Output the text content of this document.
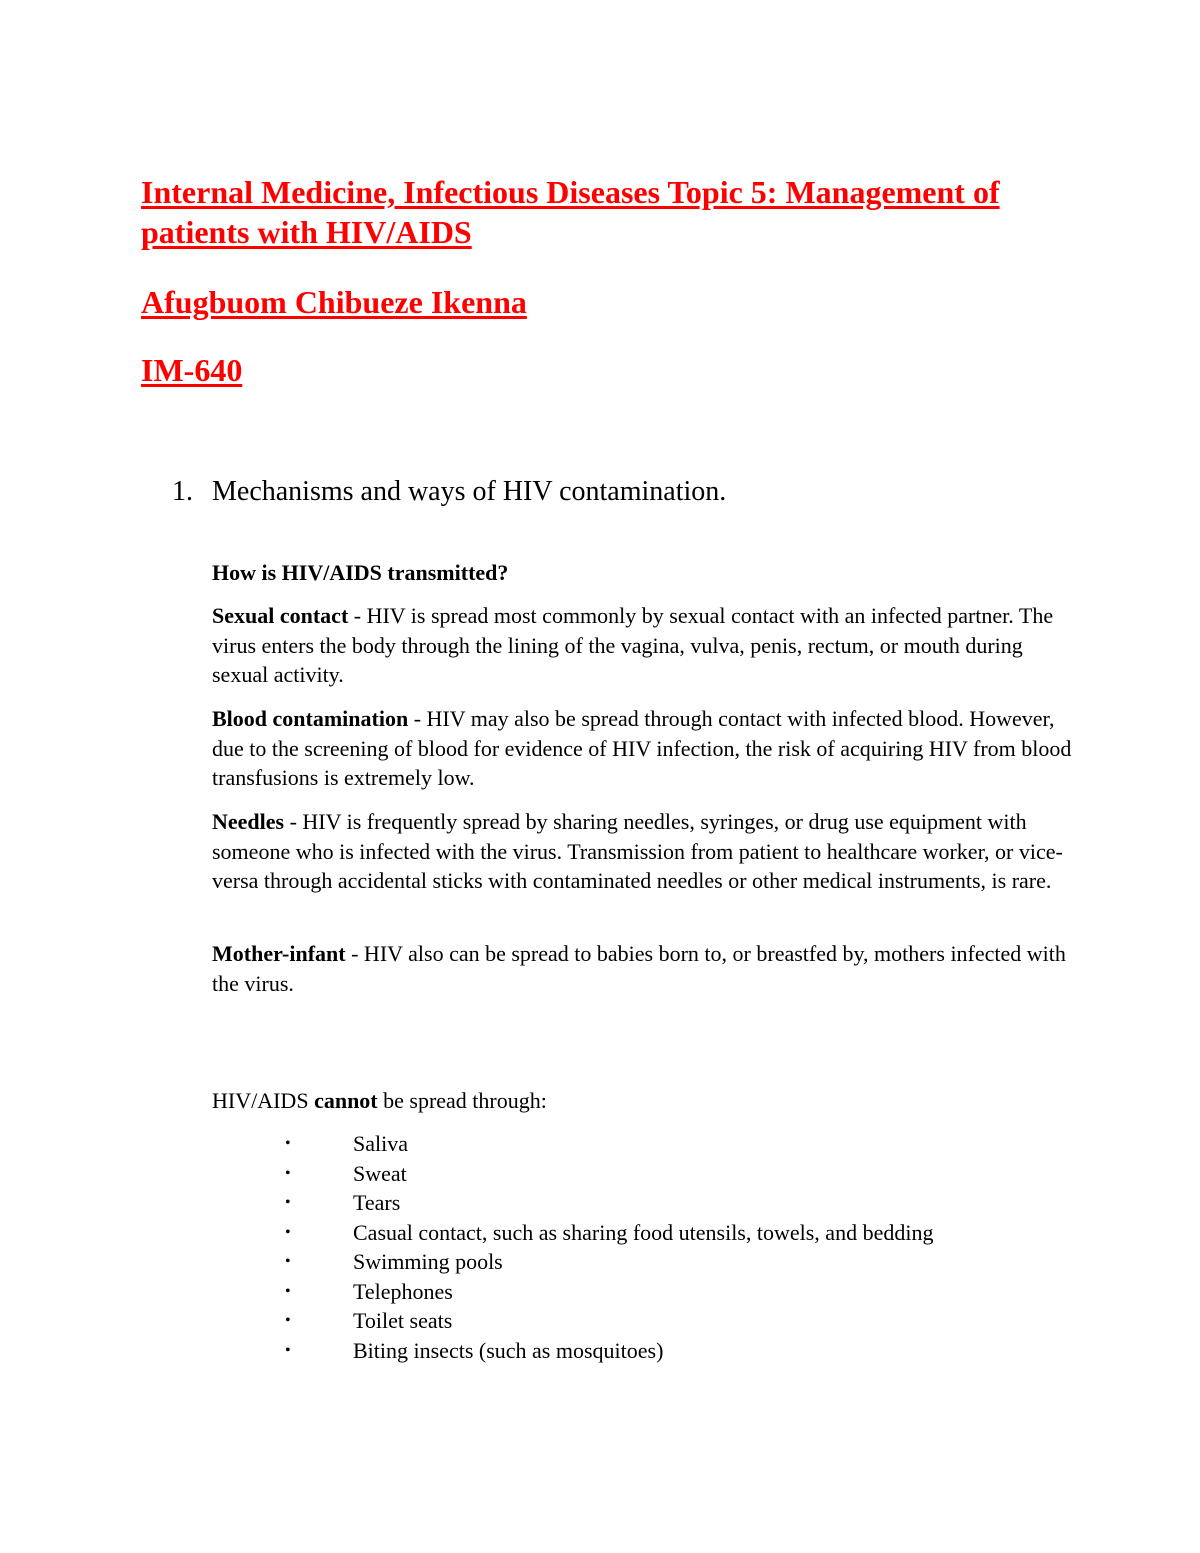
Internal Medicine, Infectious Diseases Topic 5: Management of patients with HIV/AIDS
Afugbuom Chibueze Ikenna
IM-640
1. Mechanisms and ways of HIV contamination.

How is HIV/AIDS transmitted?

Sexual contact - HIV is spread most commonly by sexual contact with an infected partner. The virus enters the body through the lining of the vagina, vulva, penis, rectum, or mouth during sexual activity.

Blood contamination - HIV may also be spread through contact with infected blood. However, due to the screening of blood for evidence of HIV infection, the risk of acquiring HIV from blood transfusions is extremely low.

Needles - HIV is frequently spread by sharing needles, syringes, or drug use equipment with someone who is infected with the virus. Transmission from patient to healthcare worker, or vice-versa through accidental sticks with contaminated needles or other medical instruments, is rare.

Mother-infant - HIV also can be spread to babies born to, or breastfed by, mothers infected with the virus.

HIV/AIDS cannot be spread through:

•	Saliva
•	Sweat
•	Tears
•	Casual contact, such as sharing food utensils, towels, and bedding
•	Swimming pools
•	Telephones
•	Toilet seats
•	Biting insects (such as mosquitoes)
